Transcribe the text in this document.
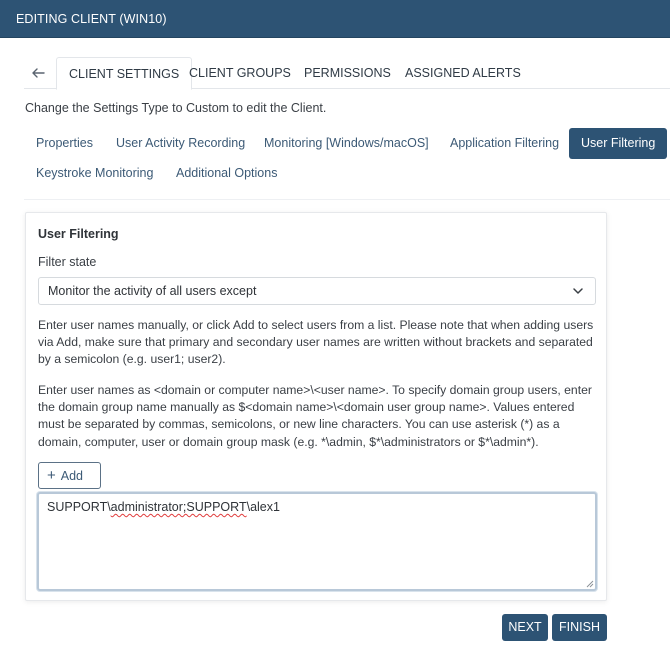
EDITING CLIENT (WIN10)
CLIENT SETTINGS CLIENT GROUPS	PERMISSIONS	ASSIGNED ALERTS
Change the Settings Type to Custom to edit the Client.
Properties	User Activity Recording	Monitoring [Windows/macOS]	Application Filtering	User Filtering
Keystroke Monitoring	Additional Options
User Filtering
Filter state
Monitor the activity of all users except
Enter user names manually, or click Add to select users from a list. Please note that when adding users via Add, make sure that primary and secondary user names are written without brackets and separated by a semicolon (e.g. user1; user2).
Enter user names as <domain or computer name>\<user name>. To specify domain group users, enter the domain group name manually as $<domain name>\<domain user group name>. Values entered must be separated by commas, semicolons, or new line characters. You can use asterisk (*) as a domain, computer, user or domain group mask (e.g. *\admin, $*\administrators or $*\admin*).
+ Add
SUPPORT\administrator;SUPPORT\alex1
NEXT	FINISH
